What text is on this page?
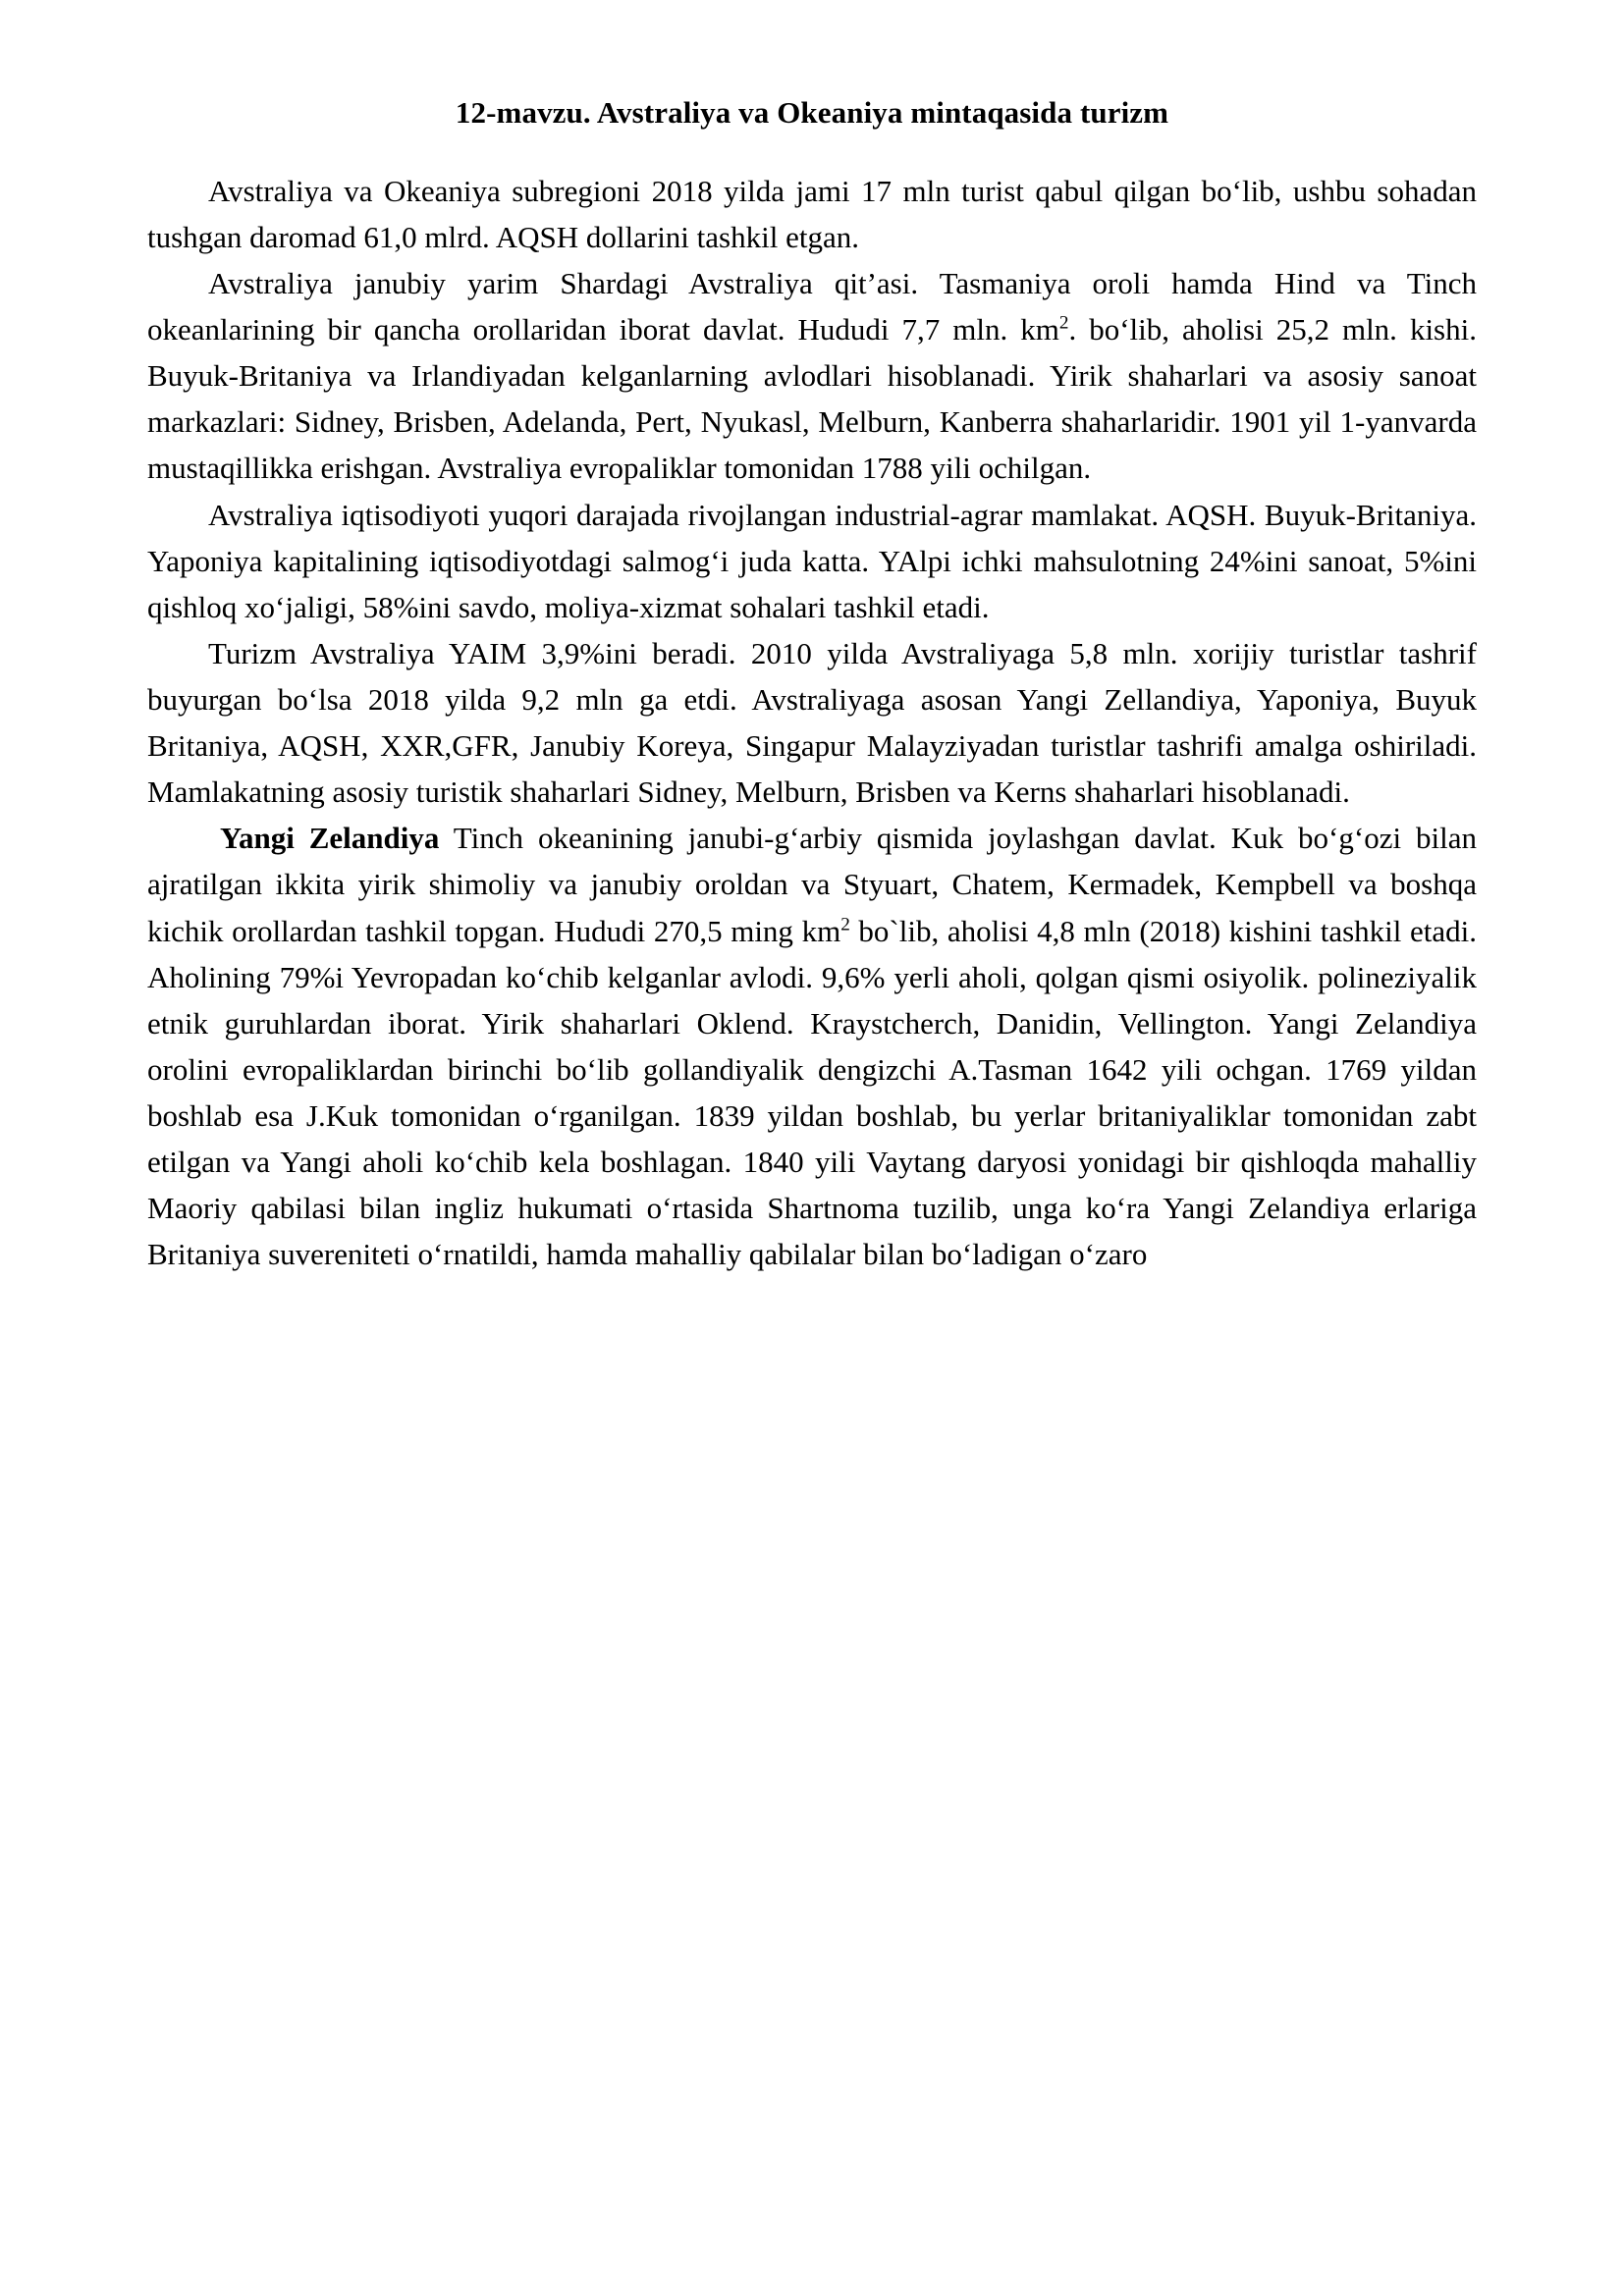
12-mavzu. Avstraliya va Okeaniya mintaqasida turizm

Avstraliya va Okeaniya subregioni 2018 yilda jami 17 mln turist qabul qilgan bo‘lib, ushbu sohadan tushgan daromad 61,0 mlrd. AQSH dollarini tashkil etgan.

Avstraliya janubiy yarim Shardagi Avstraliya qit’asi. Tasmaniya oroli hamda Hind va Tinch okeanlarining bir qancha orollaridan iborat davlat. Hududi 7,7 mln. $km^2$. bo‘lib, aholisi 25,2 mln. kishi. Buyuk-Britaniya va Irlandiyadan kelganlarning avlodlari hisoblanadi. Yirik shaharlari va asosiy sanoat markazlari: Sidney, Brisben, Adelanda, Pert, Nyukasl, Melburn, Kanberra shaharlaridir. 1901 yil 1-yanvarda mustaqillikka erishgan. Avstraliya evropaliklar tomonidan 1788 yili ochilgan.

Avstraliya iqtisodiyoti yuqori darajada rivojlangan industrial-agrar mamlakat. AQSH. Buyuk-Britaniya. Yaponiya kapitalining iqtisodiyotdagi salmog‘i juda katta. YAlpi ichki mahsulotning 24%ini sanoat, 5%ini qishloq xo‘jaligi, 58%ini savdo, moliya-xizmat sohalari tashkil etadi.

Turizm Avstraliya YAIM 3,9%ini beradi. 2010 yilda Avstraliyaga 5,8 mln. xorijiy turistlar tashrif buyurgan bo‘lsa 2018 yilda 9,2 mln ga etdi. Avstraliyaga asosan Yangi Zellandiya, Yaponiya, Buyuk Britaniya, AQSH, XXR,GFR, Janubiy Koreya, Singapur Malayziyadan turistlar tashrifi amalga oshiriladi. Mamlakatning asosiy turistik shaharlari Sidney, Melburn, Brisben va Kerns shaharlari hisoblanadi.

Yangi Zelandiya Tinch okeanining janubi-g‘arbiy qismida joylashgan davlat. Kuk bo‘g‘ozi bilan ajratilgan ikkita yirik shimoliy va janubiy oroldan va Styuart, Chatem, Kermadek, Kempbell va boshqa kichik orollardan tashkil topgan. Hududi 270,5 ming $km^2$ bo`lib, aholisi 4,8 mln (2018) kishini tashkil etadi. Aholining 79%i Yevropadan ko‘chib kelganlar avlodi. 9,6% yerli aholi, qolgan qismi osiyolik. polineziyalik etnik guruhlardan iborat. Yirik shaharlari Oklend. Kraystcherch, Danidin, Vellington. Yangi Zelandiya orolini evropaliklardan birinchi bo‘lib gollandiyalik dengizchi A.Tasman 1642 yili ochgan. 1769 yildan boshlab esa J.Kuk tomonidan o‘rganilgan. 1839 yildan boshlab, bu yerlar britaniyaliklar tomonidan zabt etilgan va Yangi aholi ko‘chib kela boshlagan. 1840 yili Vaytang daryosi yonidagi bir qishloqda mahalliy Maoriy qabilasi bilan ingliz hukumati o‘rtasida Shartnoma tuzilib, unga ko‘ra Yangi Zelandiya erlariga Britaniya suvereniteti o‘rnatildi, hamda mahalliy qabilalar bilan bo‘ladigan o‘zaro
